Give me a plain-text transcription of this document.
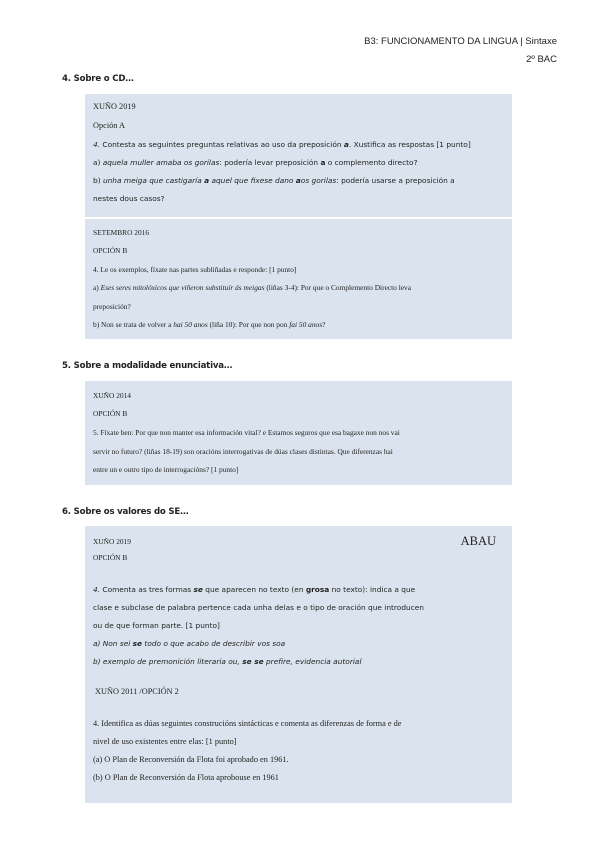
B3: FUNCIONAMENTO DA LINGUA | Sintaxe
2º BAC
4. Sobre o CD…
XUÑO 2019
Opción A
4. Contesta as seguintes preguntas relativas ao uso da preposición a. Xustifica as respostas [1 punto]
a) aquela muller amaba os gorilas: podería levar preposición a o complemento directo?
b) unha meiga que castigaría a aquel que fixese dano aos gorilas: podería usarse a preposición a
nestes dous casos?
SETEMBRO 2016
OPCIÓN B
4. Le os exemplos, fíxate nas partes subliñadas e responde: [1 punto]
a) Eses seres mitolóxicos que viñeron substituír ás meigas (liñas 3-4): Por que o Complemento Directo leva
preposición?
b) Non se trata de volver a hai 50 anos (liña 10): Por que non pon fai 50 anos?
5. Sobre a modalidade enunciativa…
XUÑO 2014
OPCIÓN B
5. Fíxate ben: Por que non manter esa información vital? e Estamos seguros que esa bagaxe non nos vai
servir no futuro? (liñas 18-19) son oracións interrogativas de dúas clases distintas. Que diferenzas hai
entre un e outro tipo de interrogacións? [1 punto]
6. Sobre os valores do SE…
XUÑO 2019	ABAU
OPCIÓN B
4. Comenta as tres formas se que aparecen no texto (en grosa no texto): indica a que
clase e subclase de palabra pertence cada unha delas e o tipo de oración que introducen
ou de que forman parte. [1 punto]
a) Non sei se todo o que acabo de describir vos soa
b) exemplo de premonición literaria ou, se se prefire, evidencia autorial
XUÑO 2011 /OPCIÓN 2
4. Identifica as dúas seguintes construcións sintácticas e comenta as diferenzas de forma e de
nivel de uso existentes entre elas: [1 punto]
(a) O Plan de Reconversión da Flota foi aprobado en 1961.
(b) O Plan de Reconversión da Flota aprobouse en 1961
